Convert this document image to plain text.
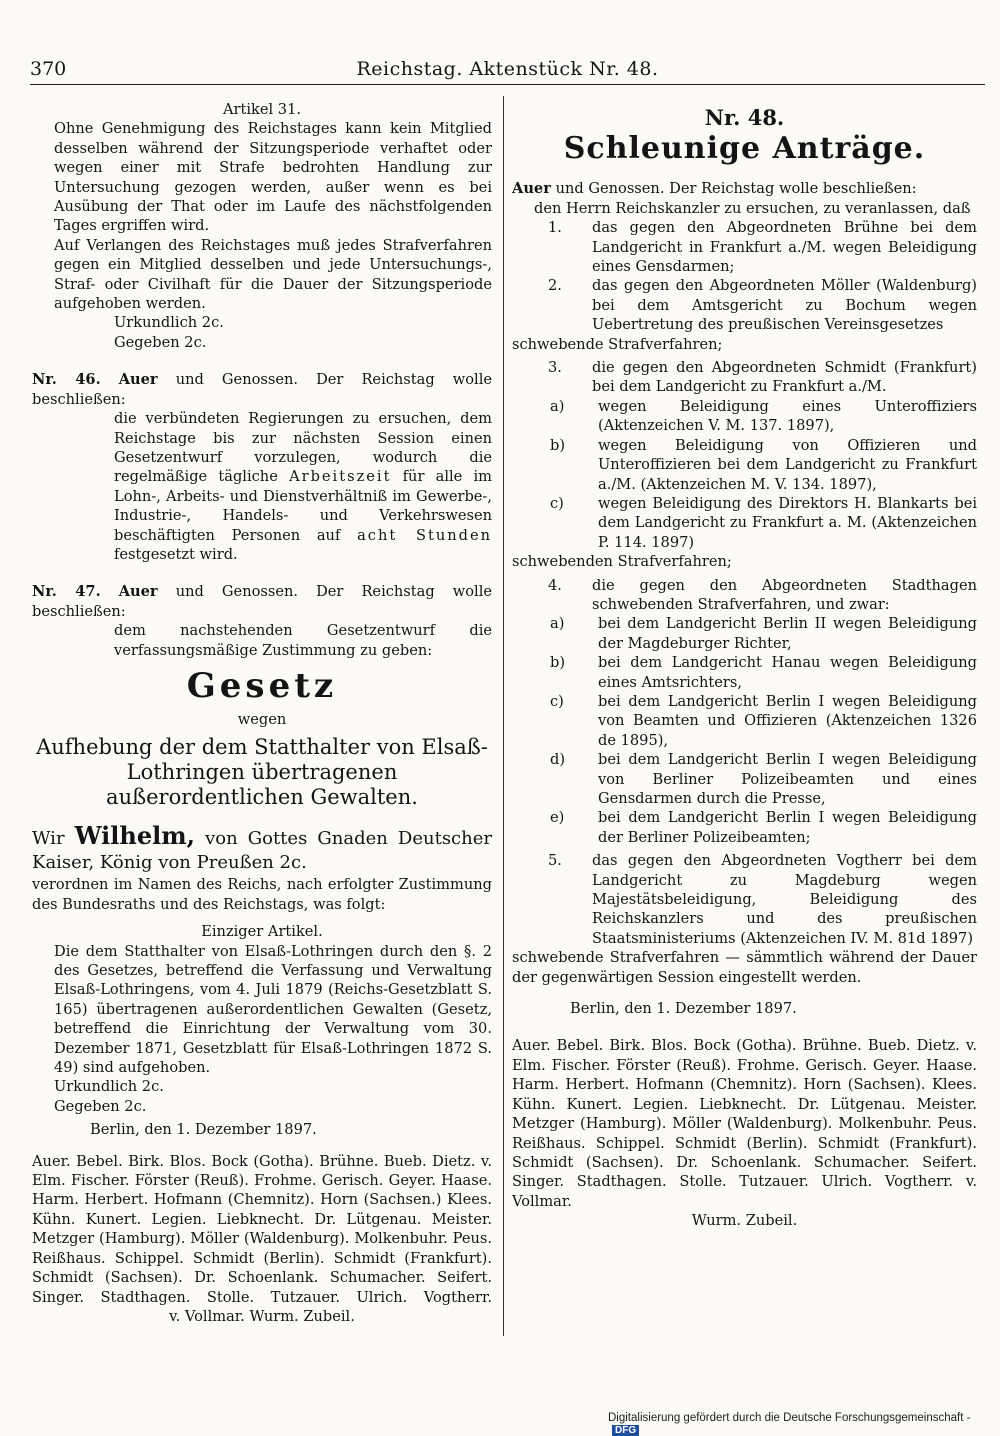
370	Reichstag. Aktenstück Nr. 48.
Artikel 31.

Ohne Genehmigung des Reichstages kann kein Mitglied desselben während der Sitzungsperiode verhaftet oder wegen einer mit Strafe bedrohten Handlung zur Untersuchung gezogen werden, außer wenn es bei Ausübung der That oder im Laufe des nächstfolgenden Tages ergriffen wird.

Auf Verlangen des Reichstages muß jedes Strafverfahren gegen ein Mitglied desselben und jede Untersuchungs-, Straf- oder Civilhaft für die Dauer der Sitzungsperiode aufgehoben werden.

Urkundlich 2c.
Gegeben 2c.

Nr. 46. Auer und Genossen. Der Reichstag wolle beschließen:

die verbündeten Regierungen zu ersuchen, dem Reichstage bis zur nächsten Session einen Gesetzentwurf vorzulegen, wodurch die regelmäßige tägliche Arbeitszeit für alle im Lohn-, Arbeits- und Dienstverhältniß im Gewerbe-, Industrie-, Handels- und Verkehrswesen beschäftigten Personen auf acht Stunden festgesetzt wird.

Nr. 47. Auer und Genossen. Der Reichstag wolle beschließen:

dem nachstehenden Gesetzentwurf die verfassungsmäßige Zustimmung zu geben:

Gesetz
wegen
Aufhebung der dem Statthalter von Elsaß-Lothringen übertragenen außerordentlichen Gewalten.

Wir Wilhelm, von Gottes Gnaden Deutscher Kaiser, König von Preußen 2c.

verordnen im Namen des Reichs, nach erfolgter Zustimmung des Bundesraths und des Reichstags, was folgt:

Einziger Artikel.

Die dem Statthalter von Elsaß-Lothringen durch den §. 2 des Gesetzes, betreffend die Verfassung und Verwaltung Elsaß-Lothringens, vom 4. Juli 1879 (Reichs-Gesetzblatt S. 165) übertragenen außerordentlichen Gewalten (Gesetz, betreffend die Einrichtung der Verwaltung vom 30. Dezember 1871, Gesetzblatt für Elsaß-Lothringen 1872 S. 49) sind aufgehoben.

Urkundlich 2c.
Gegeben 2c.
Berlin, den 1. Dezember 1897.
Auer. Bebel. Birk. Blos. Bock (Gotha). Brühne. Bueb. Dietz. v. Elm. Fischer. Förster (Reuß). Frohme. Gerisch. Geyer. Haase. Harm. Herbert. Hofmann (Chemnitz). Horn (Sachsen.) Klees. Kühn. Kunert. Legien. Liebknecht. Dr. Lütgenau. Meister. Metzger (Hamburg). Möller (Waldenburg). Molkenbuhr. Peus. Reißhaus. Schippel. Schmidt (Berlin). Schmidt (Frankfurt). Schmidt (Sachsen). Dr. Schoenlank. Schumacher. Seifert. Singer. Stadthagen. Stolle. Tutzauer. Ulrich. Vogtherr.
v. Vollmar. Wurm. Zubeil.
Nr. 48.
Schleunige Anträge.

Auer und Genossen. Der Reichstag wolle beschließen:

den Herrn Reichskanzler zu ersuchen, zu veranlassen, daß

1. das gegen den Abgeordneten Brühne bei dem Landgericht in Frankfurt a./M. wegen Beleidigung eines Gensdarmen;
2. das gegen den Abgeordneten Möller (Waldenburg) bei dem Amtsgericht zu Bochum wegen Uebertretung des preußischen Vereinsgesetzes
schwebende Strafverfahren;
3. die gegen den Abgeordneten Schmidt (Frankfurt) bei dem Landgericht zu Frankfurt a./M.
a) wegen Beleidigung eines Unteroffiziers (Aktenzeichen V. M. 137. 1897),
b) wegen Beleidigung von Offizieren und Unteroffizieren bei dem Landgericht zu Frankfurt a./M. (Aktenzeichen M. V. 134. 1897),
c) wegen Beleidigung des Direktors H. Blankarts bei dem Landgericht zu Frankfurt a. M. (Aktenzeichen P. 114. 1897)
schwebenden Strafverfahren;
4. die gegen den Abgeordneten Stadthagen schwebenden Strafverfahren, und zwar:
a) bei dem Landgericht Berlin II wegen Beleidigung der Magdeburger Richter,
b) bei dem Landgericht Hanau wegen Beleidigung eines Amtsrichters,
c) bei dem Landgericht Berlin I wegen Beleidigung von Beamten und Offizieren (Aktenzeichen 1326 de 1895),
d) bei dem Landgericht Berlin I wegen Beleidigung von Berliner Polizeibeamten und eines Gensdarmen durch die Presse,
e) bei dem Landgericht Berlin I wegen Beleidigung der Berliner Polizeibeamten;
5. das gegen den Abgeordneten Vogtherr bei dem Landgericht zu Magdeburg wegen Majestätsbeleidigung, Beleidigung des Reichskanzlers und des preußischen Staatsministeriums (Aktenzeichen IV. M. 81d 1897)

schwebende Strafverfahren — sämmtlich während der Dauer der gegenwärtigen Session eingestellt werden.

Berlin, den 1. Dezember 1897.
Auer. Bebel. Birk. Blos. Bock (Gotha). Brühne. Bueb. Dietz. v. Elm. Fischer. Förster (Reuß). Frohme. Gerisch. Geyer. Haase. Harm. Herbert. Hofmann (Chemnitz). Horn (Sachsen). Klees. Kühn. Kunert. Legien. Liebknecht. Dr. Lütgenau. Meister. Metzger (Hamburg). Möller (Waldenburg). Molkenbuhr. Peus. Reißhaus. Schippel. Schmidt (Berlin). Schmidt (Frankfurt). Schmidt (Sachsen). Dr. Schoenlank. Schumacher. Seifert. Singer. Stadthagen. Stolle. Tutzauer. Ulrich. Vogtherr. v. Vollmar.
Wurm. Zubeil.
Digitalisierung gefördert durch die Deutsche Forschungsgemeinschaft -DFG
